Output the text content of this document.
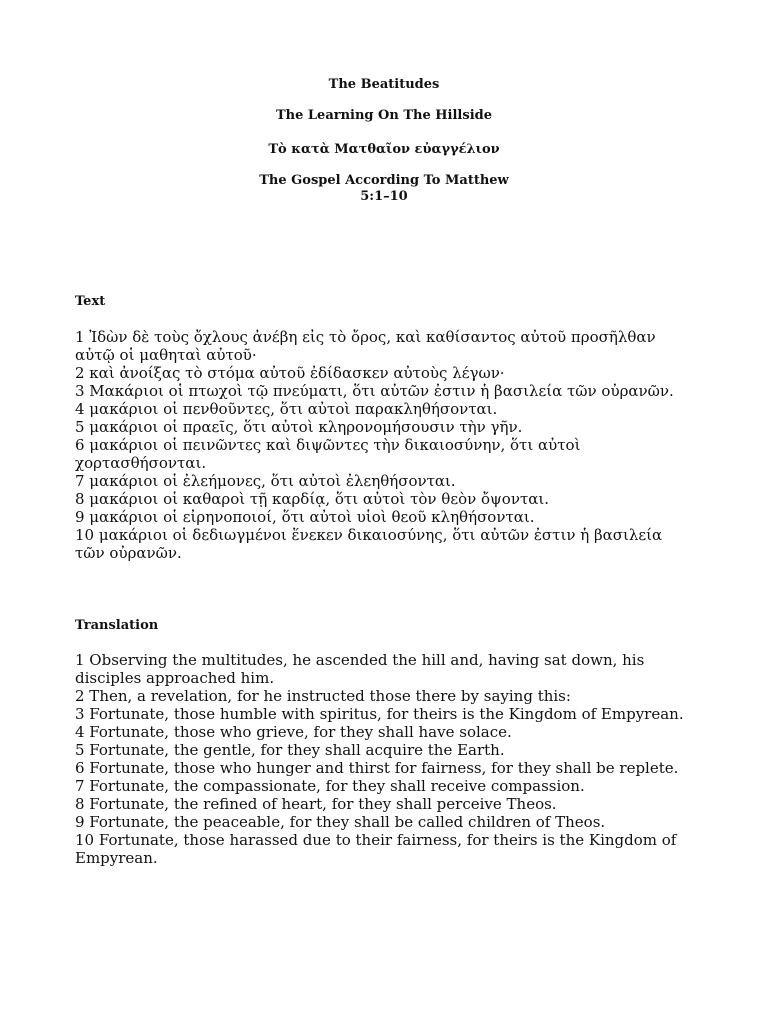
The Beatitudes
The Learning On The Hillside
Τὸ κατὰ Ματθαῖον εὐαγγέλιον
The Gospel According To Matthew
5:1–10
Text
1 Ἰδὼν δὲ τοὺς ὄχλους ἀνέβη εἰς τὸ ὄρος, καὶ καθίσαντος αὐτοῦ προσῆλθαν
αὐτῷ οἱ μαθηταὶ αὐτοῦ·
2 καὶ ἀνοίξας τὸ στόμα αὐτοῦ ἐδίδασκεν αὐτοὺς λέγων·
3 Μακάριοι οἱ πτωχοὶ τῷ πνεύματι, ὅτι αὐτῶν ἐστιν ἡ βασιλεία τῶν οὐρανῶν.
4 μακάριοι οἱ πενθοῦντες, ὅτι αὐτοὶ παρακληθήσονται.
5 μακάριοι οἱ πραεῖς, ὅτι αὐτοὶ κληρονομήσουσιν τὴν γῆν.
6 μακάριοι οἱ πεινῶντες καὶ διψῶντες τὴν δικαιοσύνην, ὅτι αὐτοὶ
χορτασθήσονται.
7 μακάριοι οἱ ἐλεήμονες, ὅτι αὐτοὶ ἐλεηθήσονται.
8 μακάριοι οἱ καθαροὶ τῇ καρδίᾳ, ὅτι αὐτοὶ τὸν θεὸν ὄψονται.
9 μακάριοι οἱ εἰρηνοποιοί, ὅτι αὐτοὶ υἱοὶ θεοῦ κληθήσονται.
10 μακάριοι οἱ δεδιωγμένοι ἕνεκεν δικαιοσύνης, ὅτι αὐτῶν ἐστιν ἡ βασιλεία
τῶν οὐρανῶν.
Translation
1 Observing the multitudes, he ascended the hill and, having sat down, his
disciples approached him.
2 Then, a revelation, for he instructed those there by saying this:
3 Fortunate, those humble with spiritus, for theirs is the Kingdom of Empyrean.
4 Fortunate, those who grieve, for they shall have solace.
5 Fortunate, the gentle, for they shall acquire the Earth.
6 Fortunate, those who hunger and thirst for fairness, for they shall be replete.
7 Fortunate, the compassionate, for they shall receive compassion.
8 Fortunate, the refined of heart, for they shall perceive Theos.
9 Fortunate, the peaceable, for they shall be called children of Theos.
10 Fortunate, those harassed due to their fairness, for theirs is the Kingdom of
Empyrean.
